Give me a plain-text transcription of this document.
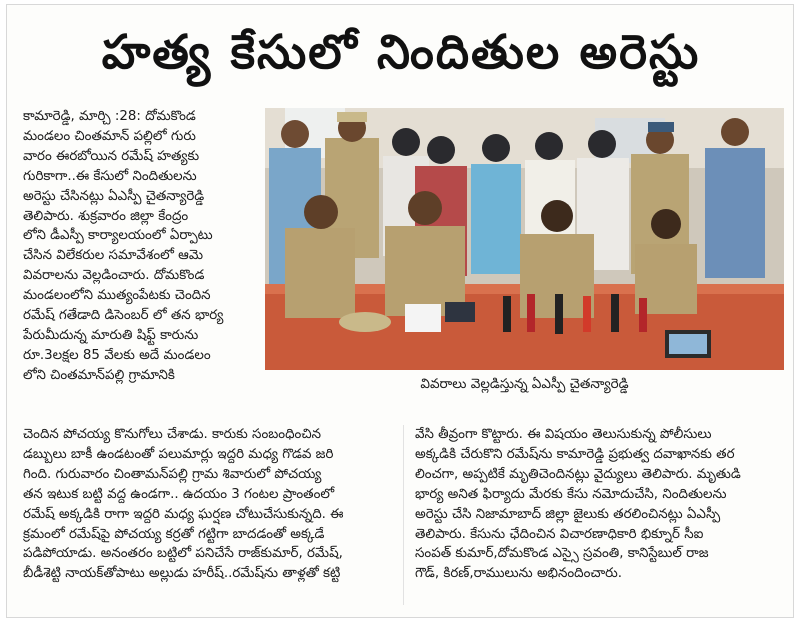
హత్య కేసులో నిందితుల అరెస్టు
కామారెడ్డి, మార్చి :28: దోమకొండ
మండలం చింతమాన్ పల్లిలో గురు
వారం ఈరబోయిన రమేష్ హత్యకు
గురికాగా..ఈ కేసులో నిందితులను
అరెస్టు చేసినట్లు ఏఎస్పీ చైతన్యారెడ్డి
తెలిపారు. శుక్రవారం జిల్లా కేంద్రం
లోని డీఎస్పీ కార్యాలయంలో ఏర్పాటు
చేసిన విలేకరుల సమావేశంలో ఆమె
వివరాలను వెల్లడించారు. దోమకొండ
మండలంలోని ముత్యంపేటకు చెందిన
రమేష్ గతేడాది డిసెంబర్ లో తన భార్య
పేరుమీదున్న మారుతి షిఫ్ట్ కారును
రూ.3లక్షల 85 వేలకు అదే మండలం
లోని చింతమాన్‌పల్లి గ్రామానికి
వివరాలు వెల్లడిస్తున్న ఏఎస్పీ చైతన్యారెడ్డి
చెందిన పోచయ్య కొనుగోలు చేశాడు. కారుకు సంబంధించిన
డబ్బులు బాకీ ఉండటంతో పలుమార్లు ఇద్దరి మధ్య గొడవ జరి
గింది. గురువారం చింతామన్‌పల్లి గ్రామ శివారులో పోచయ్య
తన ఇటుక బట్టి వద్ద ఉండగా.. ఉదయం 3 గంటల ప్రాంతంలో
రమేష్ అక్కడికి రాగా ఇద్దరి మధ్య ఘర్షణ చోటుచేసుకున్నది. ఈ
క్రమంలో రమేష్‌పై పోచయ్య కర్రతో గట్టిగా బాదడంతో అక్కడే
పడిపోయాడు. అనంతరం బట్టిలో పనిచేసే రాజ్‌కుమార్, రమేష్,
బీడీశెట్టి నాయక్‌తోపాటు అల్లుడు హరీష్..రమేష్‌ను తాళ్లతో కట్టి
వేసి తీవ్రంగా కొట్టారు. ఈ విషయం తెలుసుకున్న పోలీసులు
అక్కడికి చేరుకొని రమేష్‌ను కామారెడ్డి ప్రభుత్వ దవాఖానకు తర
లించగా, అప్పటికే మృతిచెందినట్లు వైద్యులు తెలిపారు. మృతుడి
భార్య అనిత ఫిర్యాదు మేరకు కేసు నమోదుచేసి, నిందితులను
అరెస్టు చేసి నిజామాబాద్ జిల్లా జైలుకు తరలించినట్లు ఏఎస్పీ
తెలిపారు. కేసును ఛేదించిన విచారణాధికారి భిక్నూర్ సీఐ
సంపత్ కుమార్,దోమకొండ ఎస్సై స్రవంతి, కానిస్టేబుల్ రాజ
గౌడ్, కిరణ్,రాములును అభినందించారు.
